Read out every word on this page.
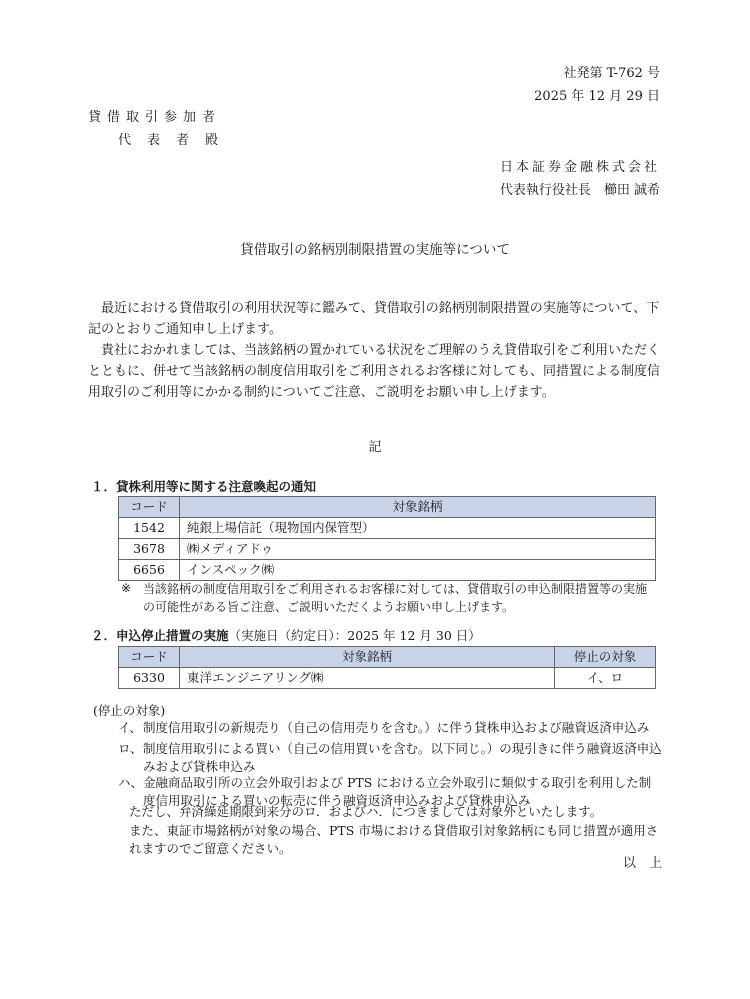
社発第 T-762 号
2025 年 12 月 29 日
貸借取引参加者
代表者殿
日本証券金融株式会社
代表執行役社長　櫛田 誠希
貸借取引の銘柄別制限措置の実施等について

最近における貸借取引の利用状況等に鑑みて、貸借取引の銘柄別制限措置の実施等について、下記のとおりご通知申し上げます。

貴社におかれましては、当該銘柄の置かれている状況をご理解のうえ貸借取引をご利用いただくとともに、併せて当該銘柄の制度信用取引をご利用されるお客様に対しても、同措置による制度信用取引のご利用等にかかる制約についてご注意、ご説明をお願い申し上げます。

記
１．貸株利用等に関する注意喚起の通知
コード	対象銘柄
1542	純銀上場信託（現物国内保管型）
3678	㈱メディアドゥ
6656	インスペック㈱
※ 当該銘柄の制度信用取引をご利用されるお客様に対しては、貸借取引の申込制限措置等の実施の可能性がある旨ご注意、ご説明いただくようお願い申し上げます。
２．申込停止措置の実施（実施日（約定日）：2025 年 12 月 30 日）
コード	対象銘柄	停止の対象
6330	東洋エンジニアリング㈱	イ、ロ
(停止の対象)
イ、 制度信用取引の新規売り（自己の信用売りを含む。）に伴う貸株申込および融資返済申込み
ロ、 制度信用取引による買い（自己の信用買いを含む。以下同じ。）の現引きに伴う融資返済申込みおよび貸株申込み
ハ、 金融商品取引所の立会外取引および PTS における立会外取引に類似する取引を利用した制度信用取引による買いの転売に伴う融資返済申込みおよび貸株申込み
ただし、弁済繰延期限到来分のロ．およびハ．につきましては対象外といたします。
また、東証市場銘柄が対象の場合、PTS 市場における貸借取引対象銘柄にも同じ措置が適用されますのでご留意ください。
以　上
